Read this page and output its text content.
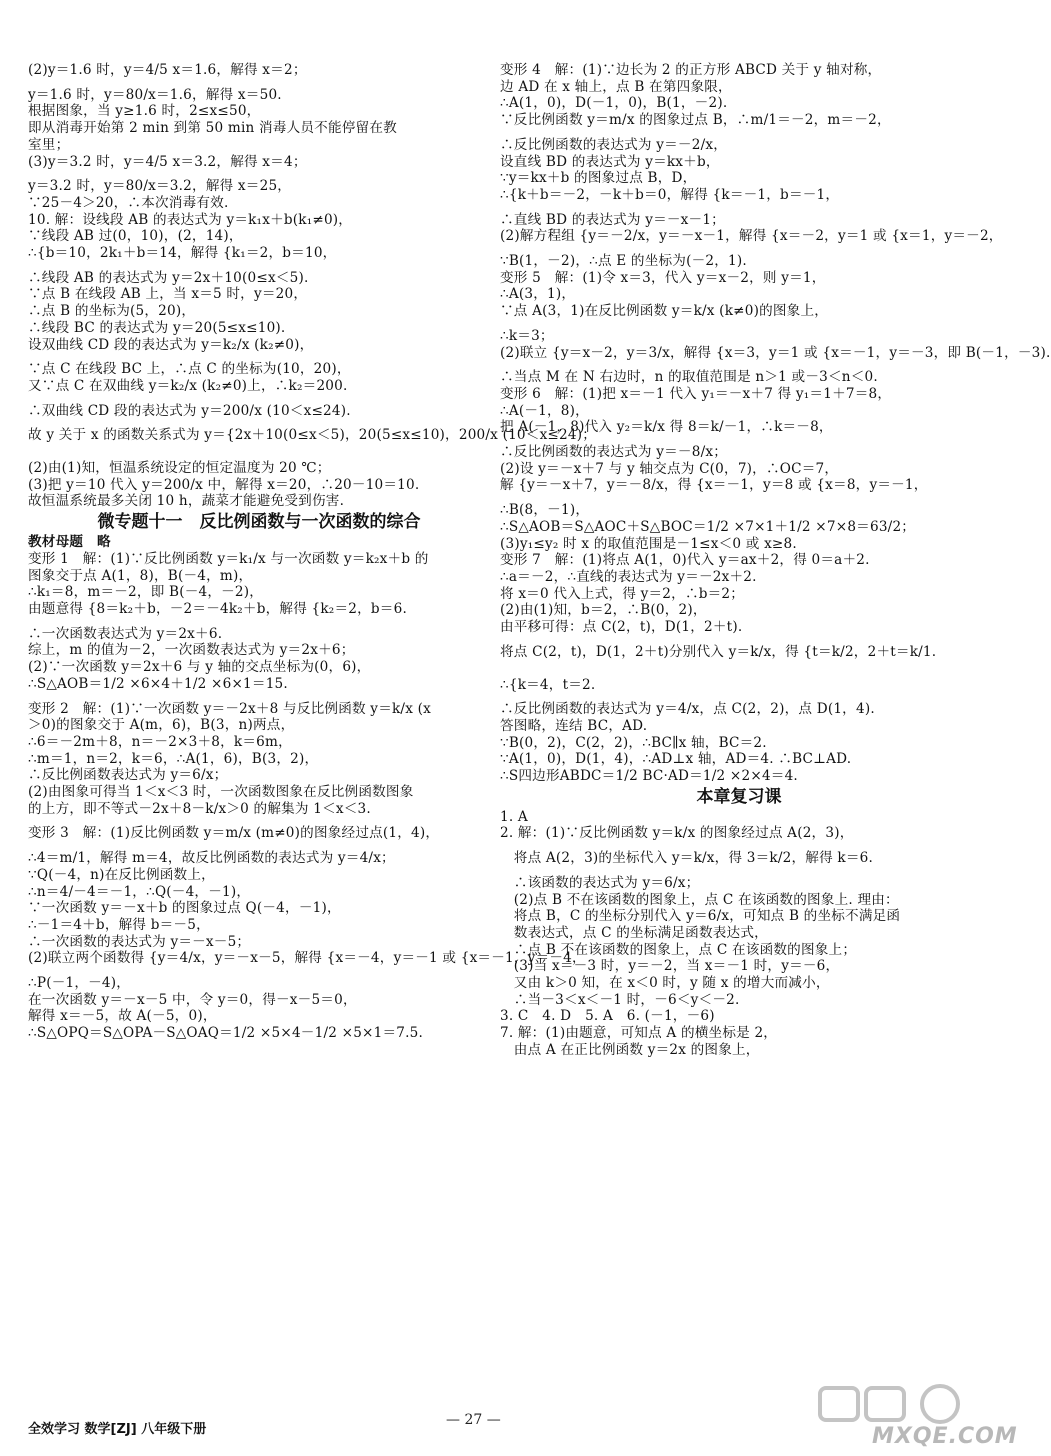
(2)y＝1.6 时，y＝4/5 x＝1.6，解得 x＝2；
y＝1.6 时，y＝80/x＝1.6，解得 x＝50.
根据图象，当 y≥1.6 时，2≤x≤50，
即从消毒开始第 2 min 到第 50 min 消毒人员不能停留在教
室里；
(3)y＝3.2 时，y＝4/5 x＝3.2，解得 x＝4；
y＝3.2 时，y＝80/x＝3.2，解得 x＝25，
∵25－4＞20，∴本次消毒有效.
10. 解：设线段 AB 的表达式为 y＝k₁x＋b(k₁≠0)，
∵线段 AB 过(0，10)，(2，14)，
∴{b＝10，2k₁＋b＝14，解得 {k₁＝2，b＝10，
∴线段 AB 的表达式为 y＝2x＋10(0≤x＜5).
∵点 B 在线段 AB 上，当 x＝5 时，y＝20，
∴点 B 的坐标为(5，20)，
∴线段 BC 的表达式为 y＝20(5≤x≤10).
设双曲线 CD 段的表达式为 y＝k₂/x (k₂≠0)，
∵点 C 在线段 BC 上，∴点 C 的坐标为(10，20)，
又∵点 C 在双曲线 y＝k₂/x (k₂≠0)上，∴k₂＝200.
∴双曲线 CD 段的表达式为 y＝200/x (10＜x≤24).
故 y 关于 x 的函数关系式为 y＝{2x＋10(0≤x＜5)，20(5≤x≤10)，200/x (10＜x≤24)；
(2)由(1)知，恒温系统设定的恒定温度为 20 ℃；
(3)把 y＝10 代入 y＝200/x 中，解得 x＝20，∴20－10＝10.
故恒温系统最多关闭 10 h，蔬菜才能避免受到伤害.
微专题十一　反比例函数与一次函数的综合
教材母题　略
变形 1　解：(1)∵反比例函数 y＝k₁/x 与一次函数 y＝k₂x＋b 的
图象交于点 A(1，8)，B(－4，m)，
∴k₁＝8，m＝－2，即 B(－4，－2)，
由题意得 {8＝k₂＋b，－2＝－4k₂＋b，解得 {k₂＝2，b＝6.
∴一次函数表达式为 y＝2x＋6.
综上，m 的值为－2，一次函数表达式为 y＝2x＋6；
(2)∵一次函数 y＝2x＋6 与 y 轴的交点坐标为(0，6)，
∴S△AOB＝1/2 ×6×4＋1/2 ×6×1＝15.
变形 2　解：(1)∵一次函数 y＝－2x＋8 与反比例函数 y＝k/x (x
＞0)的图象交于 A(m，6)，B(3，n)两点，
∴6＝－2m＋8，n＝－2×3＋8，k＝6m，
∴m＝1，n＝2，k＝6，∴A(1，6)，B(3，2)，
∴反比例函数表达式为 y＝6/x；
(2)由图象可得当 1＜x＜3 时，一次函数图象在反比例函数图象
的上方，即不等式－2x＋8－k/x＞0 的解集为 1＜x＜3.
变形 3　解：(1)反比例函数 y＝m/x (m≠0)的图象经过点(1，4)，
∴4＝m/1，解得 m＝4，故反比例函数的表达式为 y＝4/x；
∵Q(－4，n)在反比例函数上，
∴n＝4/－4＝－1，∴Q(－4，－1)，
∵一次函数 y＝－x＋b 的图象过点 Q(－4，－1)，
∴－1＝4＋b，解得 b＝－5，
∴一次函数的表达式为 y＝－x－5；
(2)联立两个函数得 {y＝4/x，y＝－x－5，解得 {x＝－4，y＝－1 或 {x＝－1，y＝－4，
∴P(－1，－4)，
在一次函数 y＝－x－5 中，令 y＝0，得－x－5＝0，
解得 x＝－5，故 A(－5，0)，
∴S△OPQ＝S△OPA－S△OAQ＝1/2 ×5×4－1/2 ×5×1＝7.5.
变形 4　解：(1)∵边长为 2 的正方形 ABCD 关于 y 轴对称，
边 AD 在 x 轴上，点 B 在第四象限，
∴A(1，0)，D(－1，0)，B(1，－2).
∵反比例函数 y＝m/x 的图象过点 B，∴m/1＝－2，m＝－2，
∴反比例函数的表达式为 y＝－2/x，
设直线 BD 的表达式为 y＝kx＋b，
∵y＝kx＋b 的图象过点 B，D，
∴{k＋b＝－2，－k＋b＝0，解得 {k＝－1，b＝－1，
∴直线 BD 的表达式为 y＝－x－1；
(2)解方程组 {y＝－2/x，y＝－x－1，解得 {x＝－2，y＝1 或 {x＝1，y＝－2，
∵B(1，－2)，∴点 E 的坐标为(－2，1).
变形 5　解：(1)令 x＝3，代入 y＝x－2，则 y＝1，
∴A(3，1)，
∵点 A(3，1)在反比例函数 y＝k/x (k≠0)的图象上，
∴k＝3；
(2)联立 {y＝x－2，y＝3/x，解得 {x＝3，y＝1 或 {x＝－1，y＝－3，即 B(－1，－3).
∴当点 M 在 N 右边时，n 的取值范围是 n＞1 或－3＜n＜0.
变形 6　解：(1)把 x＝－1 代入 y₁＝－x＋7 得 y₁＝1＋7＝8，
∴A(－1，8)，
把 A(－1，8)代入 y₂＝k/x 得 8＝k/－1，∴k＝－8，
∴反比例函数的表达式为 y＝－8/x；
(2)设 y＝－x＋7 与 y 轴交点为 C(0，7)，∴OC＝7，
解 {y＝－x＋7，y＝－8/x，得 {x＝－1，y＝8 或 {x＝8，y＝－1，
∴B(8，－1)，
∴S△AOB＝S△AOC＋S△BOC＝1/2 ×7×1＋1/2 ×7×8＝63/2；
(3)y₁≤y₂ 时 x 的取值范围是－1≤x＜0 或 x≥8.
变形 7　解：(1)将点 A(1，0)代入 y＝ax＋2，得 0＝a＋2.
∴a＝－2，∴直线的表达式为 y＝－2x＋2.
将 x＝0 代入上式，得 y＝2，∴b＝2；
(2)由(1)知，b＝2，∴B(0，2)，
由平移可得：点 C(2，t)，D(1，2＋t).
将点 C(2，t)，D(1，2＋t)分别代入 y＝k/x，得 {t＝k/2，2＋t＝k/1.
∴{k＝4，t＝2.
∴反比例函数的表达式为 y＝4/x，点 C(2，2)，点 D(1，4).
答图略，连结 BC，AD.
∵B(0，2)，C(2，2)，∴BC∥x 轴，BC＝2.
∵A(1，0)，D(1，4)，∴AD⊥x 轴，AD＝4. ∴BC⊥AD.
∴S四边形ABDC＝1/2 BC·AD＝1/2 ×2×4＝4.
本章复习课
1. A
2. 解：(1)∵反比例函数 y＝k/x 的图象经过点 A(2，3)，
　将点 A(2，3)的坐标代入 y＝k/x，得 3＝k/2，解得 k＝6.
　∴该函数的表达式为 y＝6/x；
　(2)点 B 不在该函数的图象上，点 C 在该函数的图象上. 理由：
　将点 B，C 的坐标分别代入 y＝6/x，可知点 B 的坐标不满足函
　数表达式，点 C 的坐标满足函数表达式，
　∴点 B 不在该函数的图象上，点 C 在该函数的图象上；
　(3)当 x＝－3 时，y＝－2，当 x＝－1 时，y＝－6，
　又由 k＞0 知，在 x＜0 时，y 随 x 的增大而减小，
　∴当－3＜x＜－1 时，－6＜y＜－2.
3. C　4. D　5. A　6. (－1，－6)
7. 解：(1)由题意，可知点 A 的横坐标是 2，
　由点 A 在正比例函数 y＝2x 的图象上，
全效学习 数学[ZJ] 八年级下册
— 27 —
MXQE.COM
